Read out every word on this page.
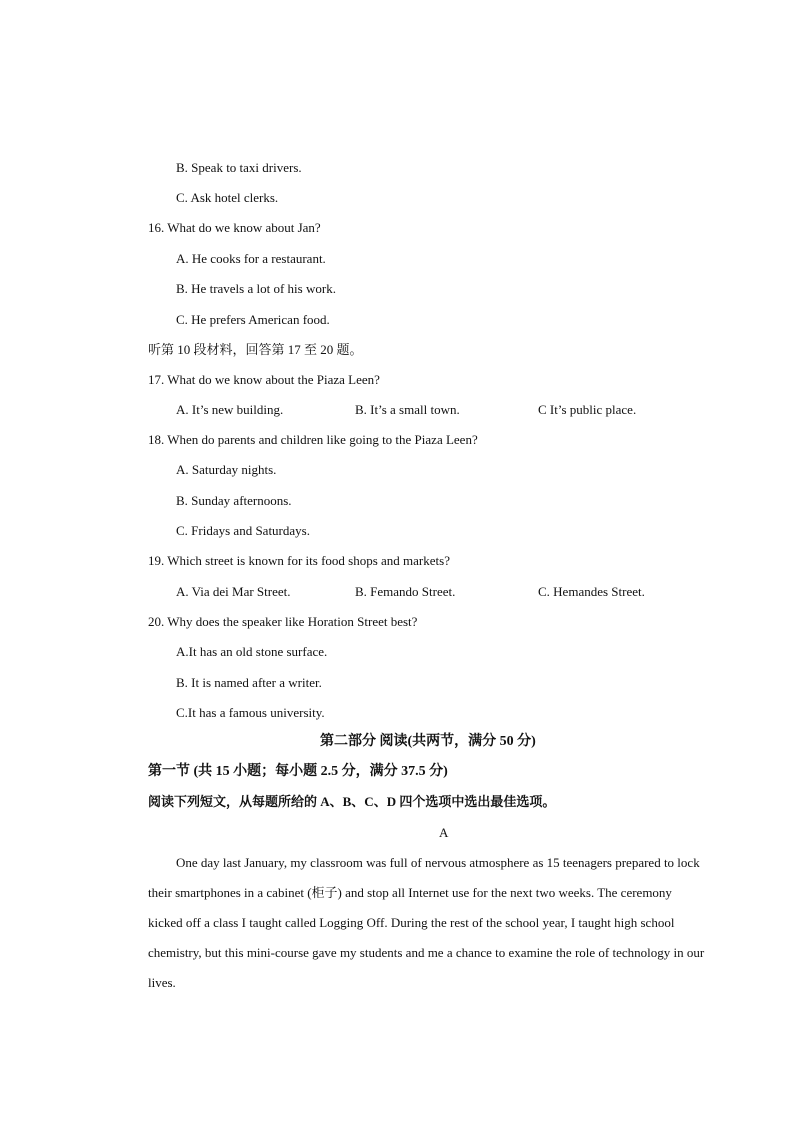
B. Speak to taxi drivers.
C. Ask hotel clerks.
16. What do we know about Jan?
A. He cooks for a restaurant.
B. He travels a lot of his work.
C. He prefers American food.
听第 10 段材料，回答第 17 至 20 题。
17. What do we know about the Piaza Leen?
A. It’s new building.	B. It’s a small town.	C It’s public place.
18. When do parents and children like going to the Piaza Leen?
A. Saturday nights.
B. Sunday afternoons.
C. Fridays and Saturdays.
19. Which street is known for its food shops and markets?
A. Via dei Mar Street.	B. Femando Street.	C. Hemandes Street.
20. Why does the speaker like Horation Street best?
A.It has an old stone surface.
B. It is named after a writer.
C.It has a famous university.
第二部分 阅读(共两节，满分 50 分)
第一节 (共 15 小题；每小题 2.5 分，满分 37.5 分)
阅读下列短文，从每题所给的 A、B、C、D 四个选项中选出最佳选项。
A
One day last January, my classroom was full of nervous atmosphere as 15 teenagers prepared to lock
their smartphones in a cabinet (柜子) and stop all Internet use for the next two weeks. The ceremony
kicked off a class I taught called Logging Off. During the rest of the school year, I taught high school
chemistry, but this mini-course gave my students and me a chance to examine the role of technology in our
lives.
